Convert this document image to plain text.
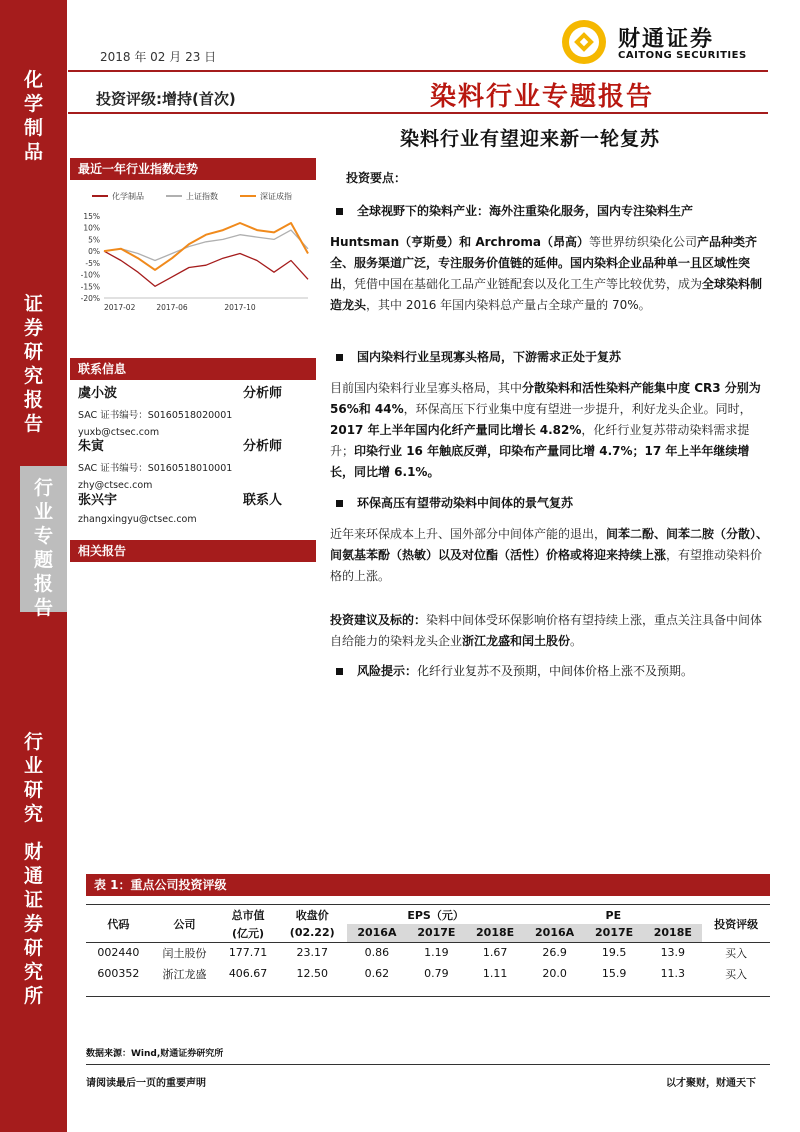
化
学
制
品
证
券
研
究
报
告
行
业
专
题
报
告
行
业
研
究
财
通
证
券
研
究
所
2018 年 02 月 23 日
财通证券
CAITONG SECURITIES
投资评级:增持(首次)	染料行业专题报告
染料行业有望迎来新一轮复苏
最近一年行业指数走势
化学制品	上证指数	深证成指
15%
10%
5%
0%
-5%
-10%
-15%
-20%
2017-02	2017-06	2017-10
联系信息
虞小波	分析师
SAC 证书编号：S0160518020001
yuxb@ctsec.com
朱寅	分析师
SAC 证书编号：S0160518010001
zhy@ctsec.com
张兴宇	联系人
zhangxingyu@ctsec.com
相关报告
投资要点：
全球视野下的染料产业：海外注重染化服务，国内专注染料生产
Huntsman（亨斯曼）和 Archroma（昂高）等世界纺织染化公司产品种类齐全、服务渠道广泛，专注服务价值链的延伸。国内染料企业品种单一且区域性突出，凭借中国在基础化工品产业链配套以及化工生产等比较优势，成为全球染料制造龙头，其中 2016 年国内染料总产量占全球产量的 70%。
国内染料行业呈现寡头格局，下游需求正处于复苏
目前国内染料行业呈寡头格局，其中分散染料和活性染料产能集中度 CR3 分别为 56%和 44%，环保高压下行业集中度有望进一步提升，利好龙头企业。同时，2017 年上半年国内化纤产量同比增长 4.82%，化纤行业复苏带动染料需求提升；印染行业 16 年触底反弹，印染布产量同比增 4.7%；17 年上半年继续增长，同比增 6.1%。
环保高压有望带动染料中间体的景气复苏
近年来环保成本上升、国外部分中间体产能的退出，间苯二酚、间苯二胺（分散）、间氨基苯酚（热敏）以及对位酯（活性）价格或将迎来持续上涨，有望推动染料价格的上涨。
投资建议及标的：染料中间体受环保影响价格有望持续上涨，重点关注具备中间体自给能力的染料龙头企业浙江龙盛和闰土股份。
风险提示：化纤行业复苏不及预期，中间体价格上涨不及预期。
表 1：重点公司投资评级
代码	公司	总市值	收盘价	EPS（元）			PE			投资评级
		(亿元)	(02.22)	2016A	2017E	2018E	2016A	2017E	2018E	
002440	闰土股份	177.71	23.17	0.86	1.19	1.67	26.9	19.5	13.9	买入
600352	浙江龙盛	406.67	12.50	0.62	0.79	1.11	20.0	15.9	11.3	买入
数据来源：Wind,财通证券研究所
请阅读最后一页的重要声明	以才聚财，财通天下
